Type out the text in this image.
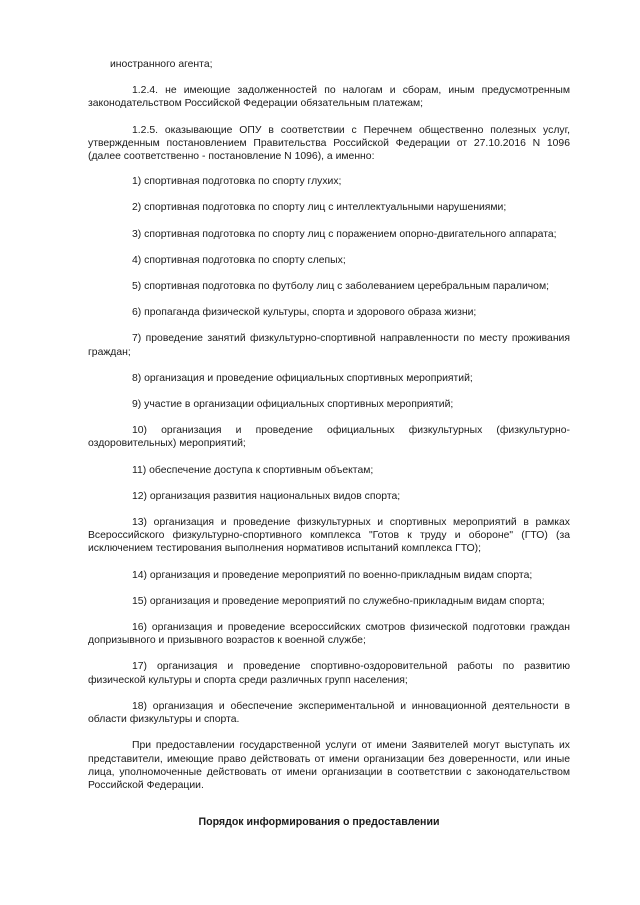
иностранного агента;

1.2.4. не имеющие задолженностей по налогам и сборам, иным предусмотренным законодательством Российской Федерации обязательным платежам;

1.2.5. оказывающие ОПУ в соответствии с Перечнем общественно полезных услуг, утвержденным постановлением Правительства Российской Федерации от 27.10.2016 N 1096 (далее соответственно - постановление N 1096), а именно:

1) спортивная подготовка по спорту глухих;

2) спортивная подготовка по спорту лиц с интеллектуальными нарушениями;

3) спортивная подготовка по спорту лиц с поражением опорно-двигательного аппарата;

4) спортивная подготовка по спорту слепых;

5) спортивная подготовка по футболу лиц с заболеванием церебральным параличом;

6) пропаганда физической культуры, спорта и здорового образа жизни;

7) проведение занятий физкультурно-спортивной направленности по месту проживания граждан;

8) организация и проведение официальных спортивных мероприятий;

9) участие в организации официальных спортивных мероприятий;

10) организация и проведение официальных физкультурных (физкультурно-оздоровительных) мероприятий;

11) обеспечение доступа к спортивным объектам;

12) организация развития национальных видов спорта;

13) организация и проведение физкультурных и спортивных мероприятий в рамках Всероссийского физкультурно-спортивного комплекса "Готов к труду и обороне" (ГТО) (за исключением тестирования выполнения нормативов испытаний комплекса ГТО);

14) организация и проведение мероприятий по военно-прикладным видам спорта;

15) организация и проведение мероприятий по служебно-прикладным видам спорта;

16) организация и проведение всероссийских смотров физической подготовки граждан допризывного и призывного возрастов к военной службе;

17) организация и проведение спортивно-оздоровительной работы по развитию физической культуры и спорта среди различных групп населения;

18) организация и обеспечение экспериментальной и инновационной деятельности в области физкультуры и спорта.

При предоставлении государственной услуги от имени Заявителей могут выступать их представители, имеющие право действовать от имени организации без доверенности, или иные лица, уполномоченные действовать от имени организации в соответствии с законодательством Российской Федерации.

Порядок информирования о предоставлении
